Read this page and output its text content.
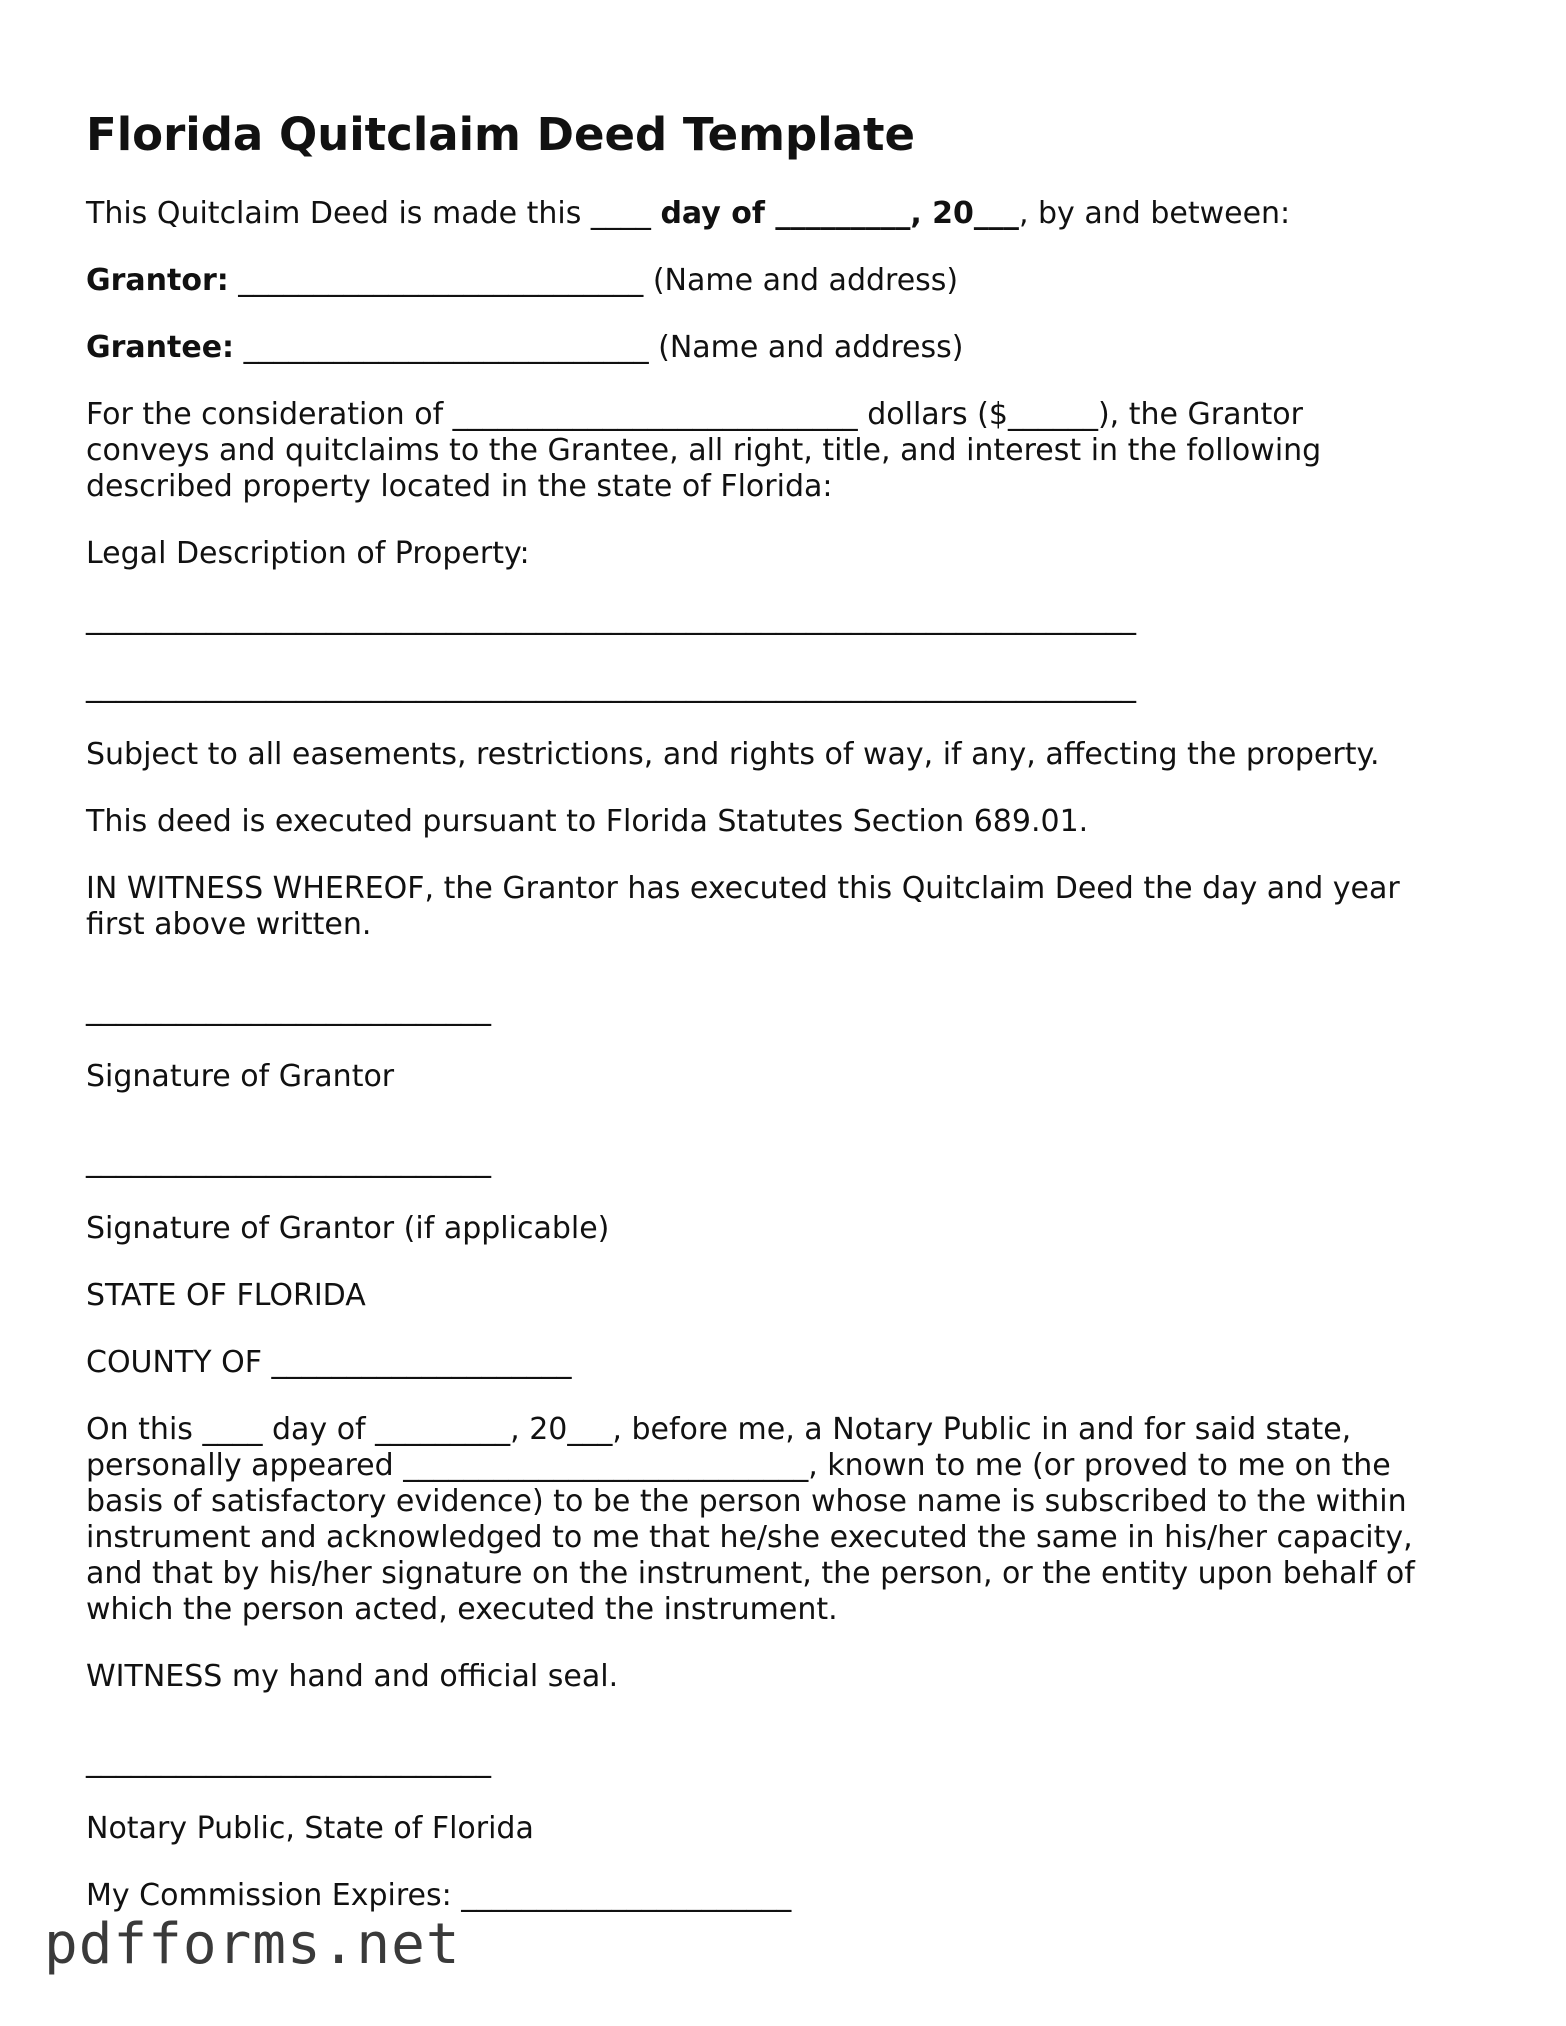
Florida Quitclaim Deed Template

This Quitclaim Deed is made this ____ day of _________, 20___, by and between:

Grantor: ___________________________ (Name and address)

Grantee: ___________________________ (Name and address)

For the consideration of ___________________________ dollars ($______), the Grantor
conveys and quitclaims to the Grantee, all right, title, and interest in the following
described property located in the state of Florida:

Legal Description of Property:

______________________________________________________________________
______________________________________________________________________

Subject to all easements, restrictions, and rights of way, if any, affecting the property.

This deed is executed pursuant to Florida Statutes Section 689.01.

IN WITNESS WHEREOF, the Grantor has executed this Quitclaim Deed the day and year
first above written.

___________________________

Signature of Grantor

___________________________

Signature of Grantor (if applicable)

STATE OF FLORIDA

COUNTY OF ____________________

On this ____ day of _________, 20___, before me, a Notary Public in and for said state,
personally appeared ___________________________, known to me (or proved to me on the
basis of satisfactory evidence) to be the person whose name is subscribed to the within
instrument and acknowledged to me that he/she executed the same in his/her capacity,
and that by his/her signature on the instrument, the person, or the entity upon behalf of
which the person acted, executed the instrument.

WITNESS my hand and official seal.

___________________________

Notary Public, State of Florida

My Commission Expires: ______________________

pdfforms.net
